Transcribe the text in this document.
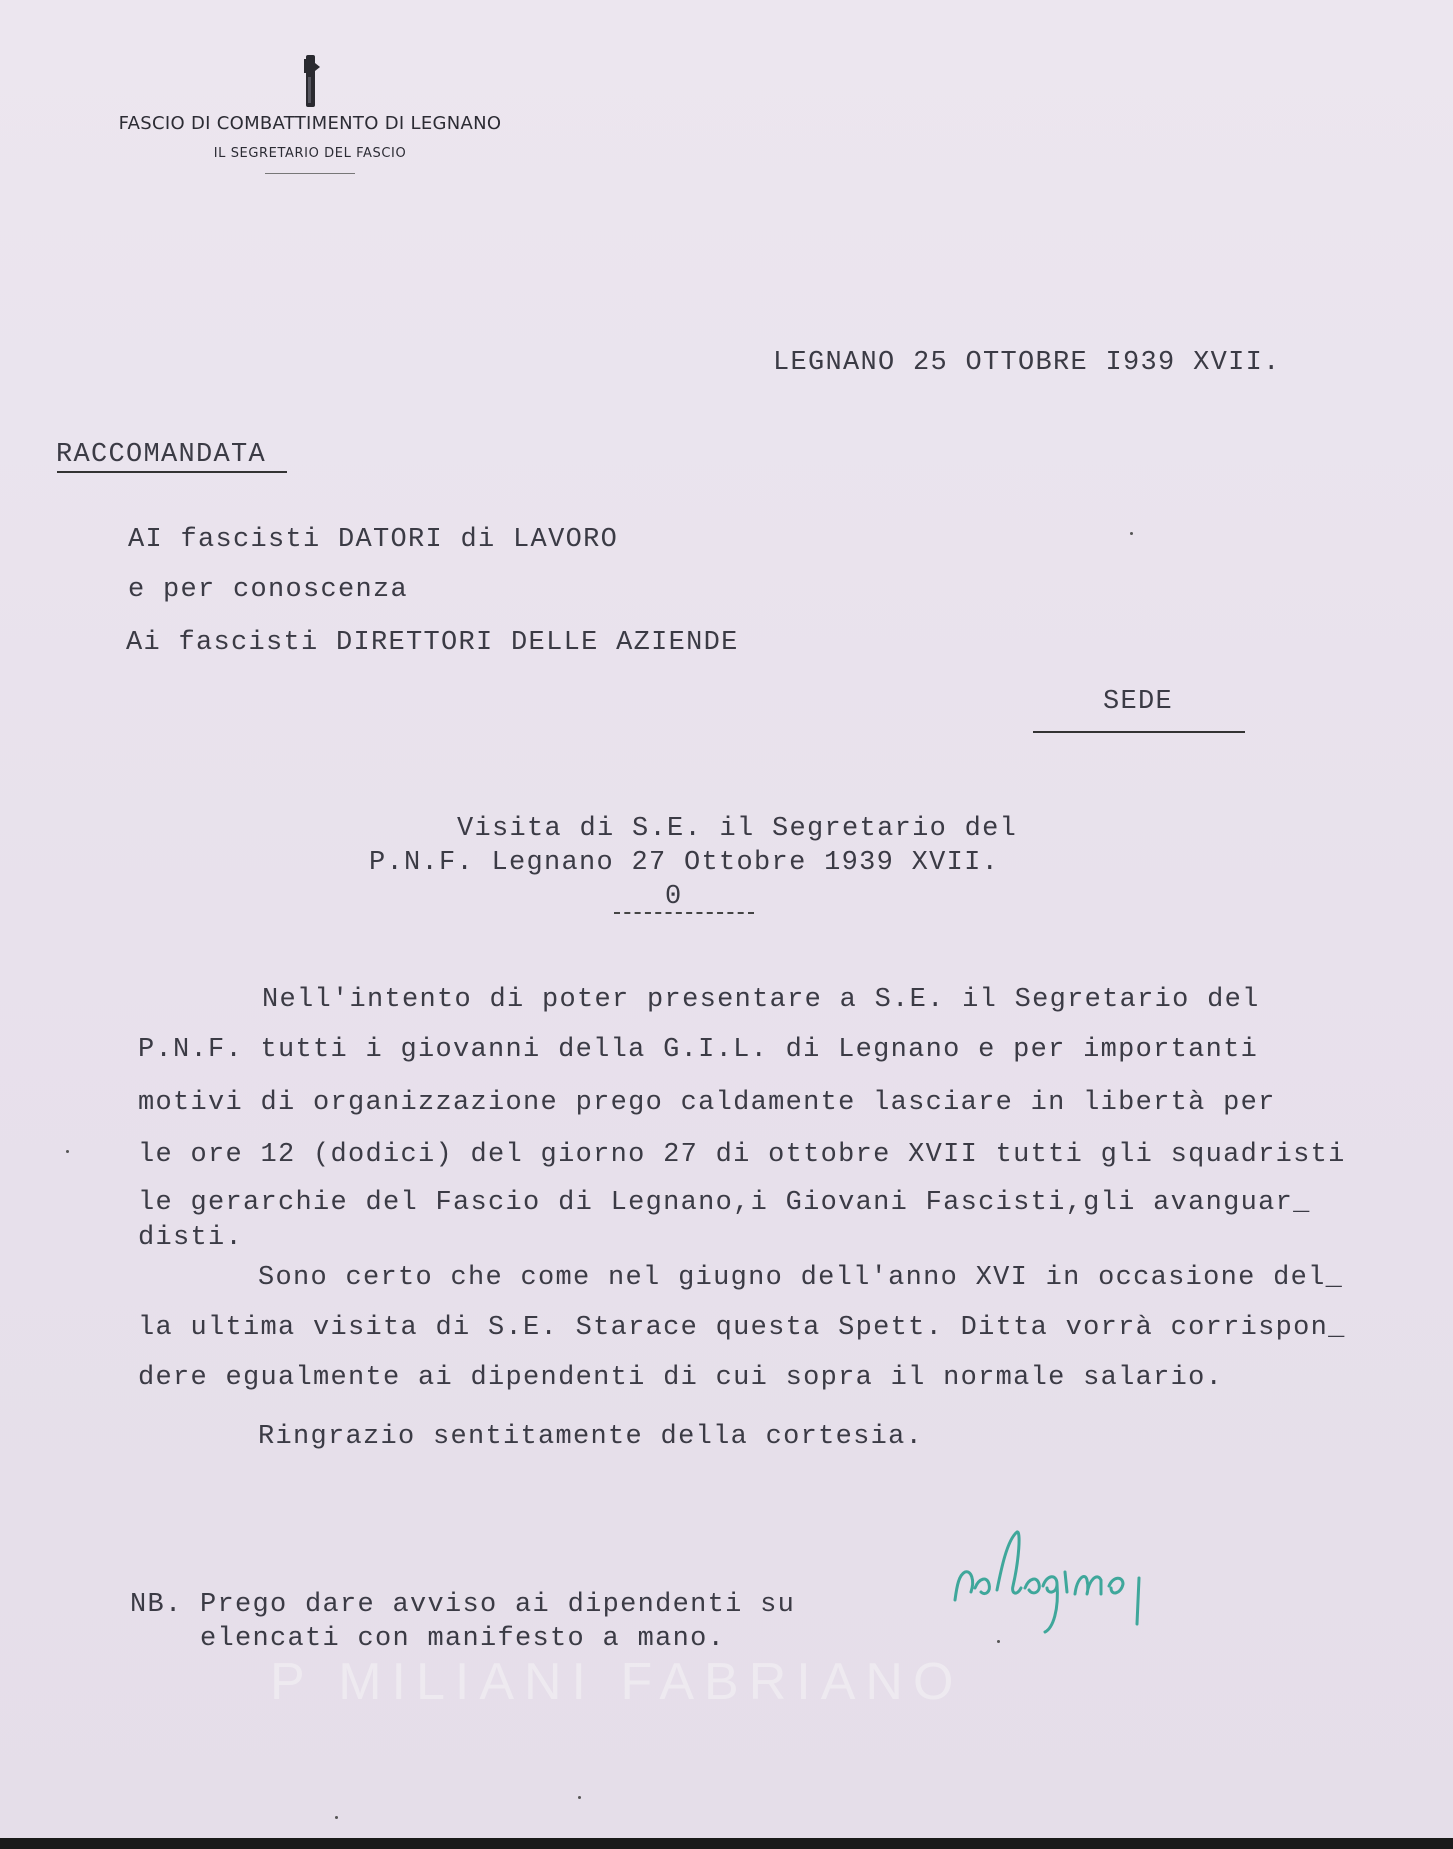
FASCIO DI COMBATTIMENTO DI LEGNANO
IL SEGRETARIO DEL FASCIO
LEGNANO 25 OTTOBRE I939 XVII.
RACCOMANDATA
AI fascisti DATORI di LAVORO
e per conoscenza
Ai fascisti DIRETTORI DELLE AZIENDE
SEDE
Visita di S.E. il Segretario del
P.N.F. Legnano 27 Ottobre 1939 XVII.
0
Nell'intento di poter presentare a S.E. il Segretario del
P.N.F. tutti i giovanni della G.I.L. di Legnano e per importanti
motivi di organizzazione prego caldamente lasciare in libertà per
le ore 12 (dodici) del giorno 27 di ottobre XVII tutti gli squadristi
le gerarchie del Fascio di Legnano,i Giovani Fascisti,gli avanguar_
disti.
Sono certo che come nel giugno dell'anno XVI in occasione del_
la ultima visita di S.E. Starace questa Spett. Ditta vorrà corrispon_
dere egualmente ai dipendenti di cui sopra il normale salario.
Ringrazio sentitamente della cortesia.
NB. Prego dare avviso ai dipendenti su
elencati con manifesto a mano.
P MILIANI FABRIANO
